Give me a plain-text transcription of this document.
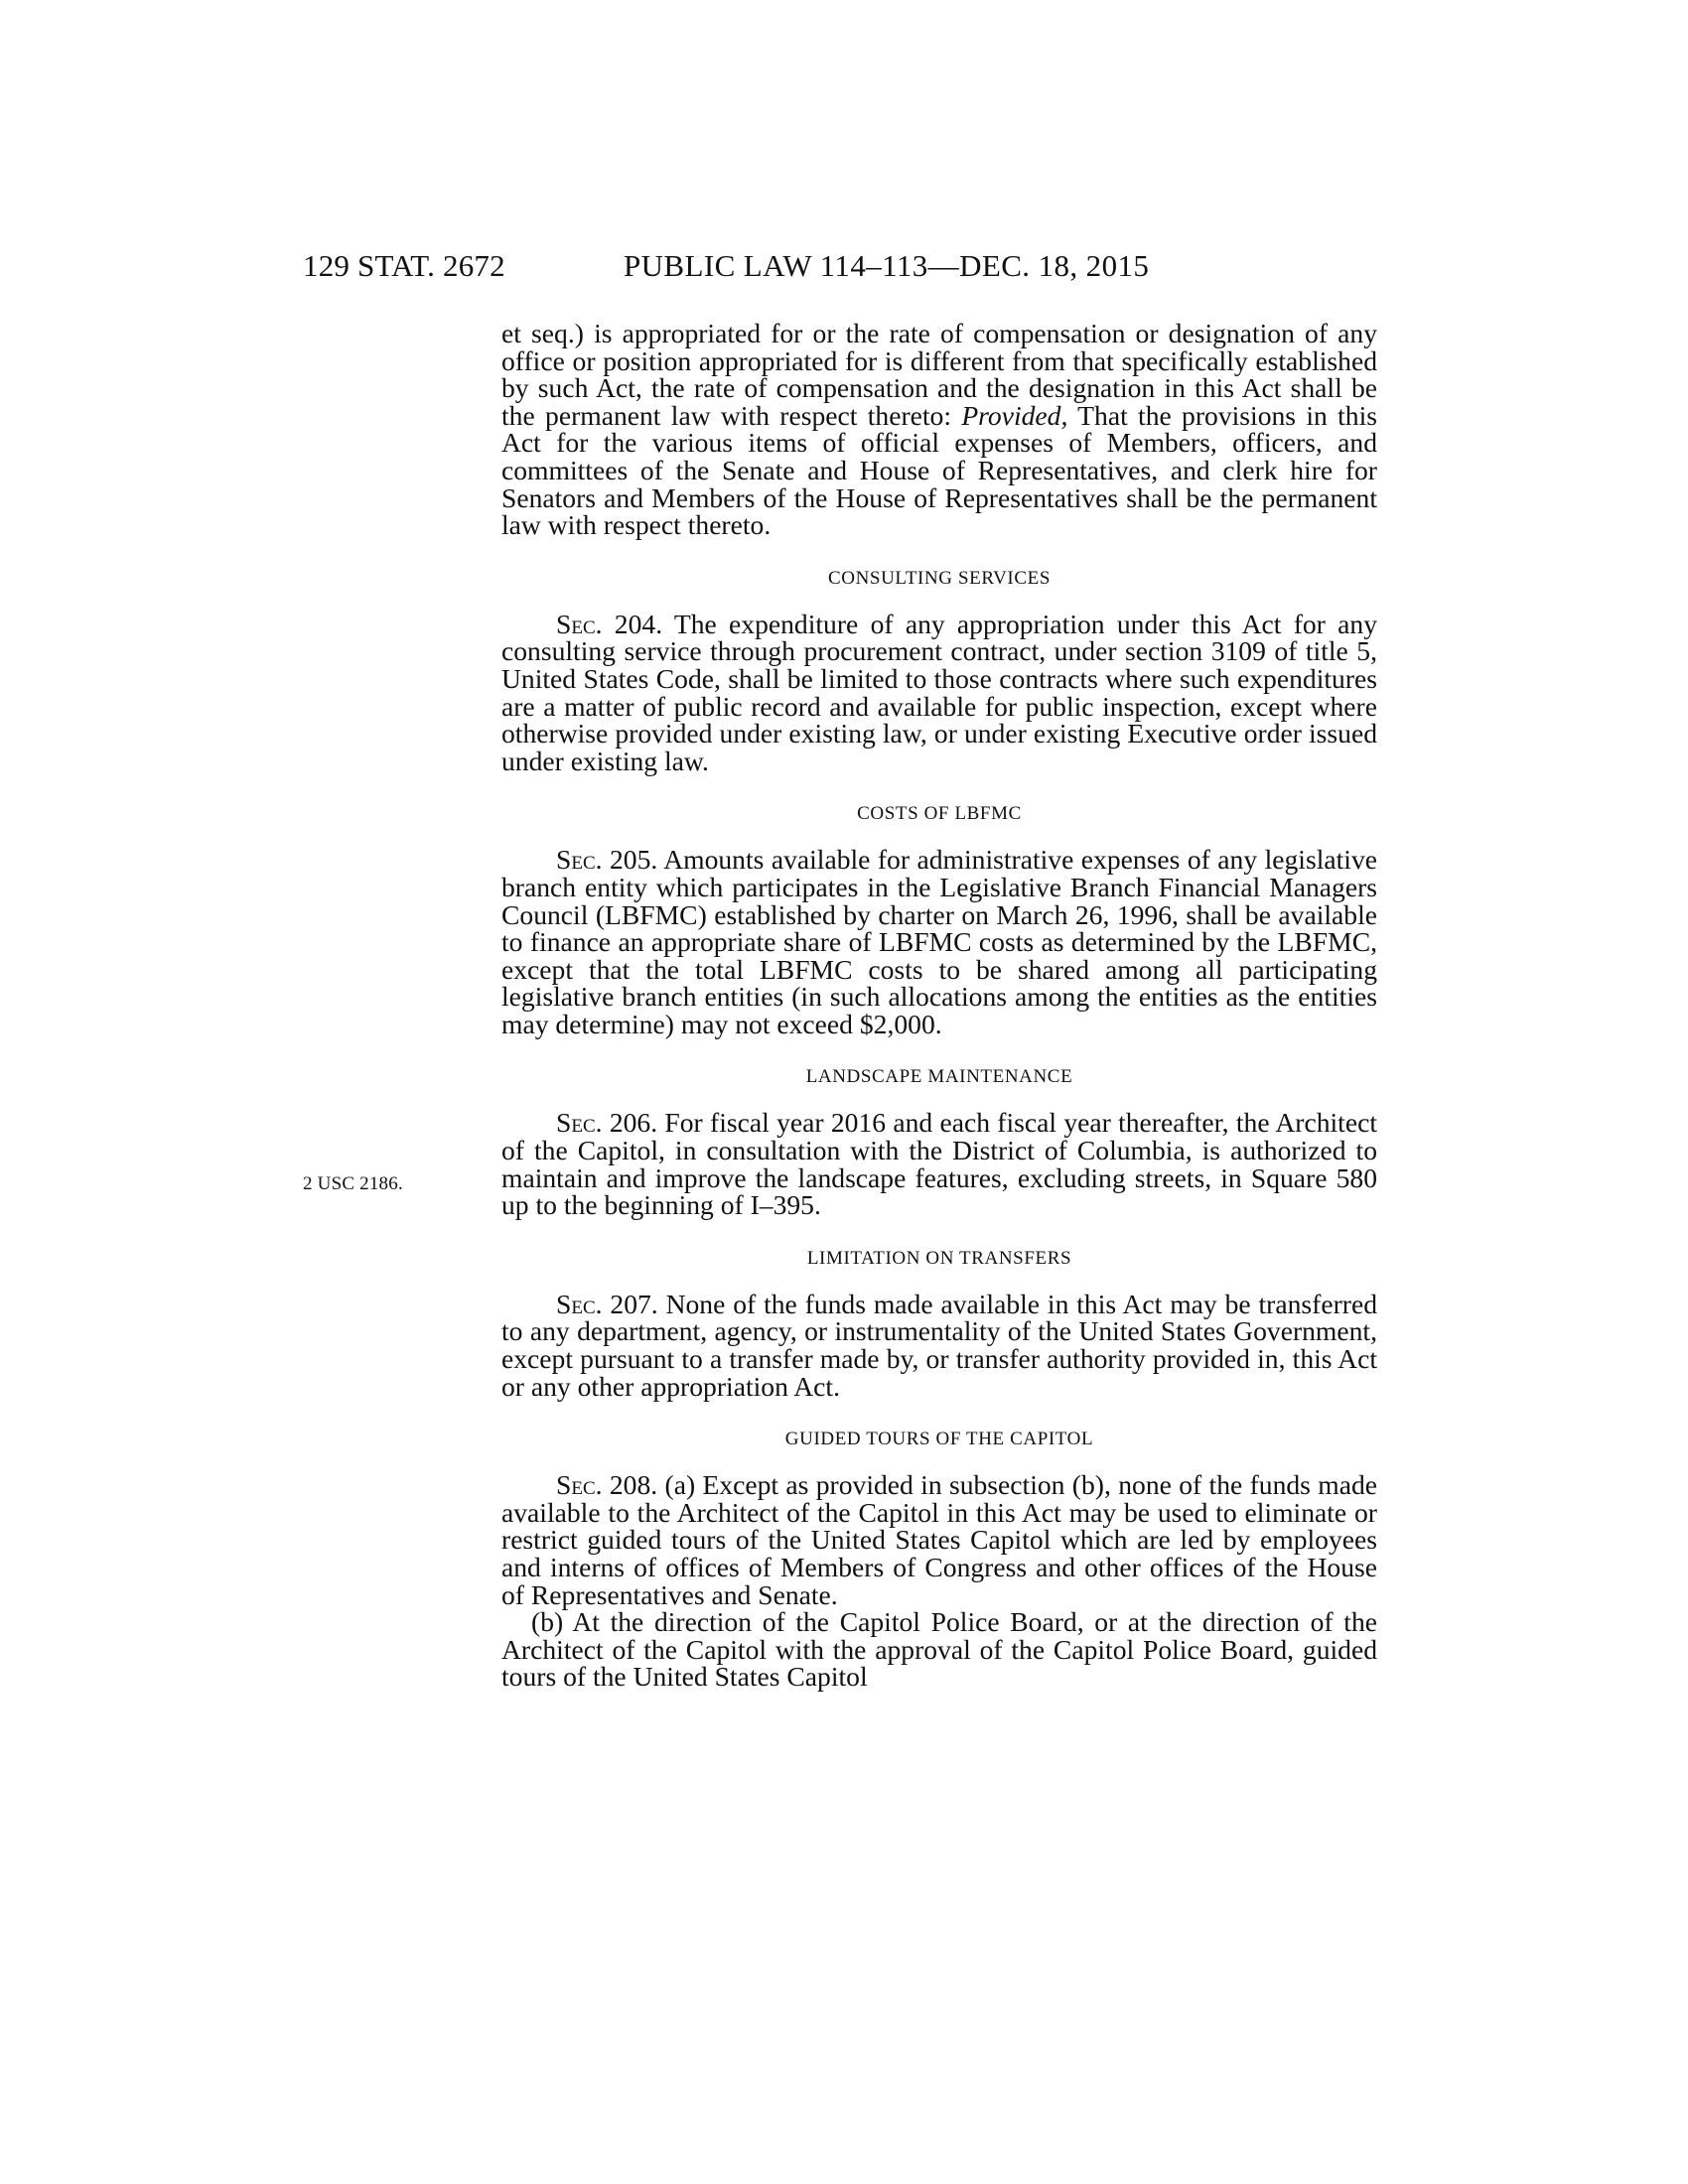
129 STAT. 2672	PUBLIC LAW 114–113—DEC. 18, 2015
2 USC 2186.

et seq.) is appropriated for or the rate of compensation or designation of any office or position appropriated for is different from that specifically established by such Act, the rate of compensation and the designation in this Act shall be the permanent law with respect thereto: Provided, That the provisions in this Act for the various items of official expenses of Members, officers, and committees of the Senate and House of Representatives, and clerk hire for Senators and Members of the House of Representatives shall be the permanent law with respect thereto.

CONSULTING SERVICES

Sec. 204. The expenditure of any appropriation under this Act for any consulting service through procurement contract, under section 3109 of title 5, United States Code, shall be limited to those contracts where such expenditures are a matter of public record and available for public inspection, except where otherwise provided under existing law, or under existing Executive order issued under existing law.

COSTS OF LBFMC

Sec. 205. Amounts available for administrative expenses of any legislative branch entity which participates in the Legislative Branch Financial Managers Council (LBFMC) established by charter on March 26, 1996, shall be available to finance an appropriate share of LBFMC costs as determined by the LBFMC, except that the total LBFMC costs to be shared among all participating legislative branch entities (in such allocations among the entities as the entities may determine) may not exceed $2,000.

LANDSCAPE MAINTENANCE

Sec. 206. For fiscal year 2016 and each fiscal year thereafter, the Architect of the Capitol, in consultation with the District of Columbia, is authorized to maintain and improve the landscape features, excluding streets, in Square 580 up to the beginning of I–395.

LIMITATION ON TRANSFERS

Sec. 207. None of the funds made available in this Act may be transferred to any department, agency, or instrumentality of the United States Government, except pursuant to a transfer made by, or transfer authority provided in, this Act or any other appropriation Act.

GUIDED TOURS OF THE CAPITOL

Sec. 208. (a) Except as provided in subsection (b), none of the funds made available to the Architect of the Capitol in this Act may be used to eliminate or restrict guided tours of the United States Capitol which are led by employees and interns of offices of Members of Congress and other offices of the House of Representatives and Senate.

(b) At the direction of the Capitol Police Board, or at the direction of the Architect of the Capitol with the approval of the Capitol Police Board, guided tours of the United States Capitol
